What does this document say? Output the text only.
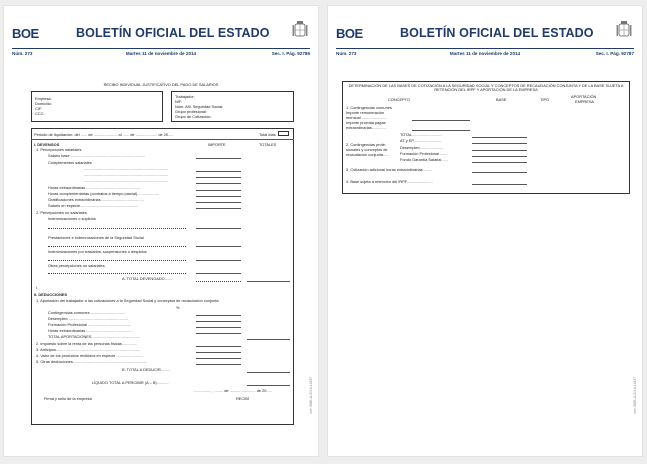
BOE	BOLETÍN OFICIAL DEL ESTADO
Núm. 273	Martes 11 de noviembre de 2014	Sec. I. Pág. 92786
cve: BOE-A-2014-11637
RECIBO INDIVIDUAL JUSTIFICATIVO DEL PAGO DE SALARIOS
Empresa:
Domicilio:
CIF:
CCC:
Trabajador:
NIF:
Núm. Afil. Seguridad Social:
Grupo profesional:
Grupo de Cotización:
Periodo de liquidación: del ...... de ...................... al ...... de .................... de 20.....	Total días
I. DEVENGOS	IMPORTE	TOTALES
1. Percepciones salariales
Salario base .....................................................................
Complementos salariales
..............................................................................
..............................................................................
..............................................................................
Horas extraordinarias ..................................................
Horas complementarias (contratos a tiempo parcial)....................
Gratificaciones extraordinarias........................................
Salario en especie......................................................
2. Percepciones no salariales
Indemnizaciones o suplidos
Prestaciones e indemnizaciones de la Seguridad Social
Indemnizaciones por traslados, suspensiones o despidos
Otras percepciones no salariales
A. TOTAL DEVENGADO........
I.
II. DEDUCCIONES
1. Aportación del trabajador a las cotizaciones a la Seguridad Social y conceptos de recaudación conjunta
%
Contingencias comunes ................................
Desempleo .......................................................
Formación Profesional ........................................
Horas extraordinarias ..........................................
TOTAL APORTACIONES.............................................
2. Impuesto sobre la renta de las personas físicas..............
3. Anticipos..............................................................................
4. Valor de los productos recibidos en especie .........................
5. Otras deducciones.....................................................................
B. TOTAL A DEDUCIR.........
LÍQUIDO TOTAL A PERCIBIR (A – B)...........
................ , ........ de ........................ de 20.....
Firma y sello de la empresa	RECIBÍ
BOE	BOLETÍN OFICIAL DEL ESTADO
Núm. 273	Martes 11 de noviembre de 2014	Sec. I. Pág. 92787
cve: BOE-A-2014-11637
DETERMINACIÓN DE LAS BASES DE COTIZACIÓN A LA SEGURIDAD SOCIAL Y CONCEPTOS DE RECAUDACIÓN CONJUNTA Y DE LA BASE SUJETA A RETENCIÓN DEL IRPF Y APORTACIÓN DE LA EMPRESA
CONCEPTO	BASE	TIPO
APORTACIÓN
EMPRESA
1. Contingencias comunes
Importe remuneración
mensual .......................
Importe prorrata pagas
extraordinarias.............
TOTAL............................
2. Contingencias profe-
sionales y conceptos de
recaudación conjunta......
AT y EP..........................
Desempleo......................
Formación Profesional .......
Fondo Garantía Salarial .....
3. Cotización adicional horas extraordinarias.........
4. Base sujeta a retención del IRPF........................
